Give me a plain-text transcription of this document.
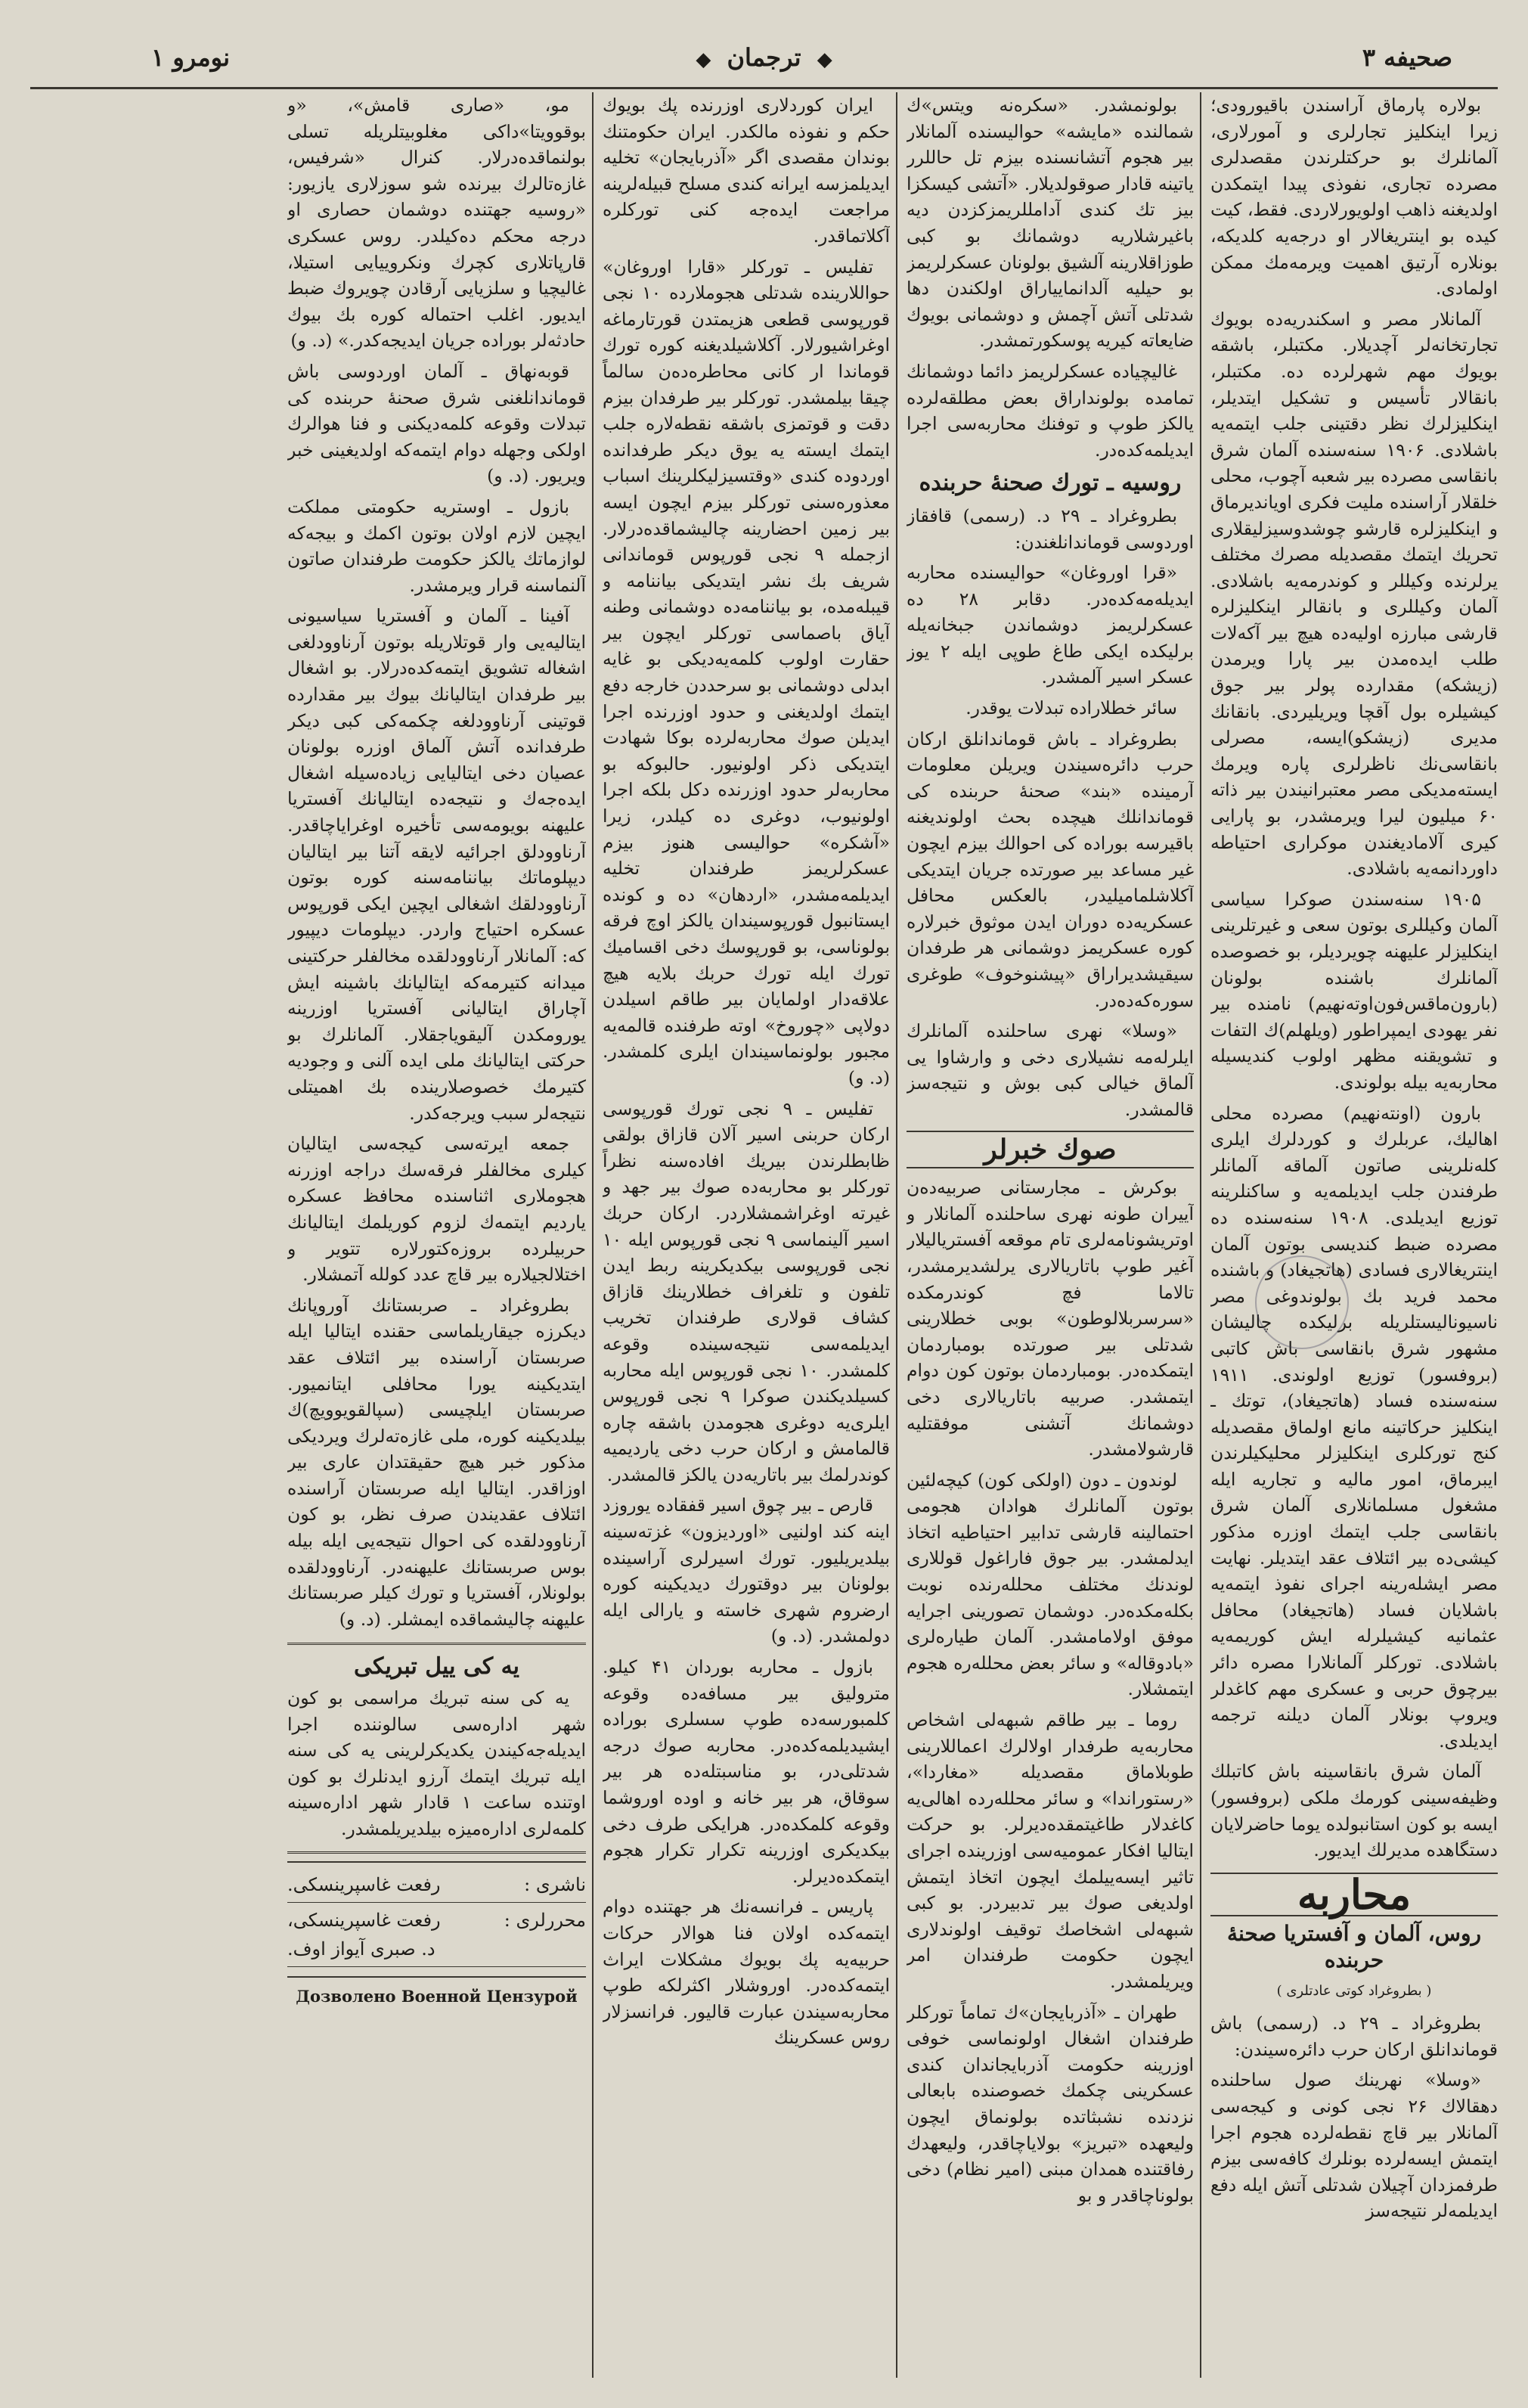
نومرو ۱	◆ ترجمان ◆	صحیفه ۳

بولاره پارماق آراسندن باقیورودی؛ زیرا اینکلیز تجارلری و آمورلاری، آلمانلرك بو حرکتلرندن مقصدلری مصرده تجاری، نفوذی پیدا ایتمكدن اولدیغنه ذاهب اولویورلاردی. فقط، کیت کیده بو اینتریغالار او درجه‌یه کلدیکه، بونلاره آرتیق اهمیت ویرمه‌مك ممکن اولمادی.

آلمانلار مصر و اسکندریه‌ده بویوك تجارتخانه‌لر آچدیلار. مکتبلر، باشقه بویوك مهم شهرلرده ده. مکتبلر، بانقالار تأسیس و تشکیل ایتدیلر، اینکلیزلرك نظر دقتینی جلب ایتمه‌یه باشلادی. ۱۹۰۶ سنه‌سنده آلمان شرق بانقاسی مصرده بیر شعبه آچوب، محلی خلقلار آراسنده ملیت فکری اویاندیرماق و اینکلیزلره قارشو چوشدوسیزلیقلاری تحریك ایتمك مقصدیله مصرك مختلف یرلرنده وکیللر و کوندرمه‌یه باشلادی. آلمان وکیللری و بانقالر اینکلیزلره قارشی مبارزه اولیه‌ده هیچ بیر آکه‌لات طلب ایده‌مدن بیر پارا ویرمدن (زیشکه) مقدارده پولر بیر جوق کیشیلره بول آقچا ویریلیردی. بانقانك مدیری (زیشکو)ایسه، مصرلی بانقاسی‌نك ناظرلری پاره ویرمك ایسته‌مدیکی مصر معتبرانیندن بیر ذاته ۶۰ میلیون لیرا ویرمشدر، بو پارایی کیری آلامادیغندن موکراری احتیاطه داوردانمه‌یه باشلادی.

۱۹۰۵ سنه‌سندن صوکرا سیاسی آلمان وکیللری بوتون سعی و غیرتلرینی اینکلیزلر علیهنه چویردیلر، بو خصوصده آلمانلرك باشنده بولونان (بارون‌ماقس‌فون‌اوته‌نهیم) نامنده بیر نفر یهودی ایمپراطور (ویلهلم)ك التفات و تشویقنه مظهر اولوب کندیسیله محاربه‌یه بیله بولوندی.

بارون (اونته‌نهیم) مصرده محلی اهالیك، عربلرك و کوردلرك ایلری کله‌نلرینی صاتون آلماقه آلمانلر طرفندن جلب ایدیلمه‌یه و ساکنلرینه توزیع ایدیلدی. ۱۹۰۸ سنه‌سنده ده مصرده ضبط کندیسی بوتون آلمان اینتریغالاری فسادی (هاتجیغاد) و باشنده محمد فرید بك بولوندوغی مصر ناسیونالیستلریله برلیکده چالیشان مشهور شرق بانقاسی باش کاتبی (بروفسور) توزیع اولوندی. ۱۹۱۱ سنه‌سنده فساد (هاتجیغاد)، توتك ـ اینکلیز حرکاتینه مانع اولماق مقصدیله کنج تورکلری اینکلیزلر محلیکیلرندن ایبرماق، امور مالیه و تجاریه ایله مشغول مسلمانلاری آلمان شرق بانقاسی جلب ایتمك اوزره مذکور کیشی‌ده بیر ائتلاف عقد ایتدیلر. نهایت مصر ایشله‌رینه اجرای نفوذ ایتمه‌یه باشلایان فساد (هاتجیغاد) محافل عثمانیه کیشیلرله ایش کوریمه‌یه باشلادی. تورکلر آلمانلارا مصره دائر بیرچوق حربی و عسکری مهم کاغدلر ویروپ بونلار آلمان دیلنه ترجمه ایدیلدی.

آلمان شرق بانقاسینه باش کاتبلك وظیفه‌سینی کورمك ملکی (بروفسور) ایسه بو کون استانبولده یوما حاضرلایان دستگاهده مدیرلك ایدیور.

محاربه
روس، آلمان و آفستریا صحنهٔ حربنده
( بطروغراد کوتی عادتلری )

بطروغراد ـ ۲۹ د. (رسمی) باش قوماندانلق ارکان حرب دائره‌سیندن:

«وسلا» نهرینك صول ساحلنده دهقالاك ۲۶ نجی کونی و کیجه‌سی آلمانلار بیر قاچ نقطه‌لرده هجوم اجرا ایتمش ایسه‌لرده بونلرك کافه‌سی بیزم طرفمزدان آچیلان شدتلی آتش ایله دفع ایدیلمه‌لر نتیجه‌سز

بولونمشدر. «سکره‌نه ویتس»ك شمالنده «مایشه» حوالیسنده آلمانلار بیر هجوم آتشانسنده بیزم تل حاللرر یاتینه قادار صوقولدیلار. «آتشی کیسکزا بیز تك کندی آدامللریمزکزدن دیه باغیرشلاریه دوشمانك بو کبی طوزاقلارینه آلشیق بولونان عسکرلریمز بو حیلیه آلدانماییاراق اولکندن دها شدتلی آتش آچمش و دوشمانی بویوك ضایعاته کیریه پوسکورتمشدر.

غالیچیاده عسکرلریمز دائما دوشمانك تمامده بولونداراق بعض مطلقه‌لرده یالکز طوپ و توفنك محاربه‌سی اجرا ایدیلمه‌کده‌در.

روسیه ـ تورك صحنهٔ حربنده

بطروغراد ـ ۲۹ د. (رسمی) قافقاز اوردوسی قوماندانلغندن:

«قرا اوروغان» حوالیسنده محاربه ایدیله‌مه‌کده‌در. دقابر ۲۸ ده عسکرلریمز دوشماندن جبخانه‌یله برلیکده ایکی طاغ طوپی ایله ۲ یوز عسکر اسیر آلمشدر.

سائر خطلاراده تبدلات یوقدر.

بطروغراد ـ باش قوماندانلق ارکان حرب دائره‌سیندن ویریلن معلومات آرمینده «بند» صحنهٔ حربنده کی قوماندانلك هیچده بحث اولوندیغنه باقیرسه بوراده کی احوالك بیزم ایچون غیر مساعد بیر صورتده جریان ایتدیکی آکلاشلمامیلیدر، بالعکس محافل عسکریه‌ده دوران ایدن موثوق خبرلاره کوره عسکریمز دوشمانی هر طرفدان سیقیشدیراراق «پیشنوخوف» طوغری سوره‌که‌ده‌در.

«وسلا» نهری ساحلنده آلمانلرك ایلرله‌مه نشیلاری دخی و وارشاوا یی آلماق خیالی کبی بوش و نتیجه‌سز قالمشدر.

صوك خبرلر

بوکرش ـ مجارستانی صربیه‌ده‌ن آییران طونه نهری ساحلنده آلمانلار و اوتریشونامه‌لری تام موقعه آفستریالیلار آغیر طوپ باتاریالاری یرلشدیرمشدر، تالاما فچ کوندرمکده «سرسربلالوطون» بوبی خطلارینی شدتلی بیر صورتده بومباردمان ایتمکده‌در. بومباردمان بوتون کون دوام ایتمشدر. صربیه باتاریالاری دخی دوشمانك آتشنی موفقتلیه قارشولامشدر.

لوندون ـ دون (اولکی کون) کیچه‌لئین بوتون آلمانلرك هوادان هجومی احتمالینه قارشی تدابیر احتیاطیه اتخاذ ایدلمشدر. بیر جوق فاراغول قوللاری لوندنك مختلف محلله‌رنده نوبت بکله‌مکده‌در. دوشمان تصورینی اجرایه موفق اولامامشدر. آلمان طیاره‌لری «بادوقاله» و سائر بعض محلله‌ره هجوم ایتمشلار.

روما ـ بیر طاقم شبهه‌لی اشخاص محاربه‌یه طرفدار اولالرك اعماللارینی طوبلاماق مقصدیله «مغاردا»، «رستوراندا» و سائر محلله‌رده اهالی‌یه کاغدلار طاغیتمقده‌دیرلر. بو حرکت ایتالیا افکار عمومیه‌سی اوزرینده اجرای تاثیر ایسه‌ییلمك ایچون اتخاذ ایتمش اولدیغی صوك بیر تدبیردر. بو کبی شبهه‌لی اشخاصك توقیف اولوندلاری ایچون حکومت طرفندان امر ویریلمشدر.

طهران ـ «آذربایجان»ك تماماً تورکلر طرفندان اشغال اولونماسی خوفی اوزرینه حکومت آذربایجاندان کندی عسکرینی چکمك خصوصنده بابعالی نزدنده نشبثاتده بولونماق ایچون ولیعهده «تبریز» بولایاچاقدر، ولیعهدك رفاقتنده همدان مبنی (امیر نظام) دخی بولوناچاقدر و بو

ایران کوردلاری اوزرنده پك بویوك حکم و نفوذه مالکدر. ایران حکومتنك بوندان مقصدی اگر «آذربایجان» تخلیه ایدیلمزسه ایرانه کندی مسلح قبیله‌لرینه مراجعت ایده‌جه کنی تورکلره آکلاتماقدر.

تفلیس ـ تورکلر «قارا اوروغان» حواللارینده شدتلی هجوملارده ۱۰ نجی قورپوسی قطعی هزیمتدن قورتارماغه اوغراشیورلار. آکلاشیلدیغنه کوره تورك قوماندا ار کانی محاطره‌ده‌ن سالماً چیقا بیلمشدر. تورکلر بیر طرفدان بیزم دقت و قوتمزی باشقه نقطه‌لاره جلب ایتمك ایسته یه یوق دیکر طرفدانده اوردوده کندی «وقتسیزلیکلرینك اسباب معذوره‌سنی تورکلر بیزم ایچون ایسه بیر زمین احضارینه چالیشماقده‌درلار. ازجمله ۹ نجی قورپوس قوماندانی شریف بك نشر ایتدیکی بیاننامه و قیبله‌مده، بو بیاننامه‌ده دوشمانی وطنه آیاق باصماسی تورکلر ایچون بیر حقارت اولوب کلمه‌یه‌دیکی بو غایه ابدلی دوشمانی بو سرحددن خارجه دفع ایتمك اولدیغنی و حدود اوزرنده اجرا ایدیلن صوك محاربه‌لرده بوکا شهادت ایتدیکی ذکر اولونیور. حالبوکه بو محاربه‌لر حدود اوزرنده دکل بلکه اجرا اولونیوب، دوغری ده کیلدر، زیرا «آشکره» حوالیسی هنوز بیزم عسکرلریمز طرفندان تخلیه ایدیلمه‌مشدر، «اردهان» ده و کونده ایستانبول قورپوسیندان یالکز اوچ فرقه بولوناسی، بو قورپوسك دخی اقسامیك تورك ایله تورك حربك بلایه هیچ علاقه‌دار اولمایان بیر طاقم اسیلدن دولاپی «چوروخ» اوته طرفنده قالمه‌یه مجبور بولونماسیندان ایلری کلمشدر. (د. و)

تفلیس ـ ۹ نجی تورك قورپوسی ارکان حربنی اسیر آلان قازاق بولقی ظابطلرندن بیریك افاده‌سنه نظراً تورکلر بو محاربه‌ده صوك بیر جهد و غیرته اوغراشمشلاردر. ارکان حربك اسیر آلینماسی ۹ نجی قورپوس ایله ۱۰ نجی قورپوسی بیکدیکرینه ربط ایدن تلفون و تلغراف خطلارینك قازاق کشاف قولاری طرفندان تخریب ایدیلمه‌سی نتیجه‌سینده وقوعه کلمشدر. ۱۰ نجی قورپوس ایله محاربه کسیلدیکندن صوکرا ۹ نجی قورپوس ایلری‌یه دوغری هجومدن باشقه چاره قالمامش و ارکان حرب دخی یاردیمیه کوندرلمك بیر باتاریه‌دن یالکز قالمشدر.

قارص ـ بیر چوق اسیر قفقاده یوروزد اینه کند اولنیی «اوردیزون» غزته‌سینه بیلدیریلیور. تورك اسیرلری آراسینده بولونان بیر دوقتورك دیدیکینه کوره ارضروم شهری خاسته و یارالی ایله دولمشدر. (د. و)

بازول ـ محاربه بوردان ۴۱ کیلو. مترولیق بیر مسافه‌ده وقوعه کلمبورسه‌ده طوپ سسلری بوراده ایشیدیلمه‌کده‌در. محاربه صوك درجه شدتلی‌در، بو مناسبتله‌ده هر بیر سوقاق، هر بیر خانه و اوده اوروشما وقوعه کلمکده‌در. هرایکی طرف دخی بیکدیکری اوزرینه تکرار تکرار هجوم ایتمکده‌دیرلر.

پاریس ـ فرانسه‌نك هر جهتنده دوام ایتمه‌کده اولان فنا هوالار حرکات حربیه‌یه پك بویوك مشکلات ایراث ایتمه‌کده‌در. اوروشلار اکثرلکه طوپ محاربه‌سیندن عبارت قالیور. فرانسزلار روس عسکرینك

مو، «صاری قامش»، «و بوقوویتا»داكی مغلوبیتلریله تسلی بولنماقده‌درلار. کنرال «شرفیس، غازه‌تالرك بیرنده شو سوزلاری یازیور: «روسیه جهتنده دوشمان حصاری او درجه محکم ده‌کیلدر. روس عسکری قارپاتلاری کچرك ونکرو‌ییایی استیلا، غالیچیا و سلزیایی آرقادن چویروك ضبط ایدیور. اغلب احتماله کوره بك بیوك حادثه‌لر بوراده جریان ایدیجه‌کدر.» (د. و)

قوبه‌نهاق ـ آلمان اوردوسی باش قوماندانلغنی شرق صحنهٔ حربنده کی تبدلات وقوعه کلمه‌دیکنی و فنا هوالرك اولکی وجهله دوام ایتمه‌که اولدیغینی خبر ویریور. (د. و)

بازول ـ اوستریه حکومتی مملکت ایچین لازم اولان بوتون اکمك و بیجه‌که لوازماتك یالکز حکومت طرفندان صاتون آلنماسنه قرار ویرمشدر.

آفینا ـ آلمان و آفستریا سیاسیونی ایتالیه‌یی وار قوتلاریله بوتون آرناوودلغی اشغاله تشویق ایتمه‌کده‌درلار. بو اشغال بیر طرفدان ایتالیانك بیوك بیر مقدارده قوتینی آرناوودلغه چکمه‌کی کبی دیکر طرفدانده آتش آلماق اوزره بولونان عصیان دخی ایتالیایی زیاده‌سیله اشغال ایده‌جه‌ك و نتیجه‌ده ایتالیانك آفستریا علیهنه بویومه‌سی تأخیره اوغرایاچاقدر. آرناوودلق اجرائیه لایقه آتنا بیر ایتالیان دیپلوماتك بیاننامه‌سنه کوره بوتون آرناوودلقك اشغالی ایچین ایکی قورپوس عسکره احتیاج واردر. دیپلومات دیپیور که: آلمانلار آرناوودلقده مخالفلر حرکتینی میدانه کتیرمه‌که ایتالیانك باشینه ایش آچاراق ایتالیانی آفستریا اوزرینه یورومکدن آلیقویاجقلار. آلمانلرك بو حرکتی ایتالیانك ملی ایده آلنی و وجودیه کتیرمك خصوصلارینده بك اهمیتلی نتیجه‌لر سبب ویرجه‌کدر.

جمعه ایرته‌سی کیجه‌سی ایتالیان کیلری مخالفلر فرقه‌سك دراجه اوزرنه هجوملاری اثناسنده محافظ عسکره یاردیم ایتمه‌ك لزوم کوریلمك ایتالیانك حربیلرده بروزه‌کتورلاره تتویر و اختلالجیلاره بیر قاچ عدد کولله آتمشلار.

بطروغراد ـ صربستانك آوروپانك دیکرزه جیقاریلماسی حقنده ایتالیا ایله صربستان آراسنده بیر ائتلاف عقد ایتدیکینه یورا محافلی ایتانمیور. صربستان ایلچیسی (سپالقویوویچ)ك بیلدیکینه کوره، ملی غازه‌ته‌لرك ویردیکی مذکور خبر هیچ حقیقتدان عاری بیر اوزاقدر. ایتالیا ایله صربستان آراسنده ائتلاف عقدیندن صرف نظر، بو کون آرناوودلقده کی احوال نتیجه‌یی ایله بیله بوس صربستانك علیهنه‌در. آرناوودلقده بولونلار، آفستریا و تورك کیلر صربستانك علیهنه چالیشماقده ایمشلر. (د. و)

یه کی ییل تبریکی

یه کی سنه تبریك مراسمی بو کون شهر اداره‌سی سالوننده اجرا ایدیله‌جه‌کیندن یکدیکرلرینی یه کی سنه ایله تبریك ایتمك آرزو ایدنلرك بو کون اوتنده ساعت ۱ قادار شهر اداره‌سینه کلمه‌لری اداره‌میزه بیلدیریلمشدر.

ناشری :
رفعت غاسپرینسکی.
محررلری :
رفعت غاسپرینسکی،
د. صبری آیواز اوف.
Дозволено Военной Цензурой
